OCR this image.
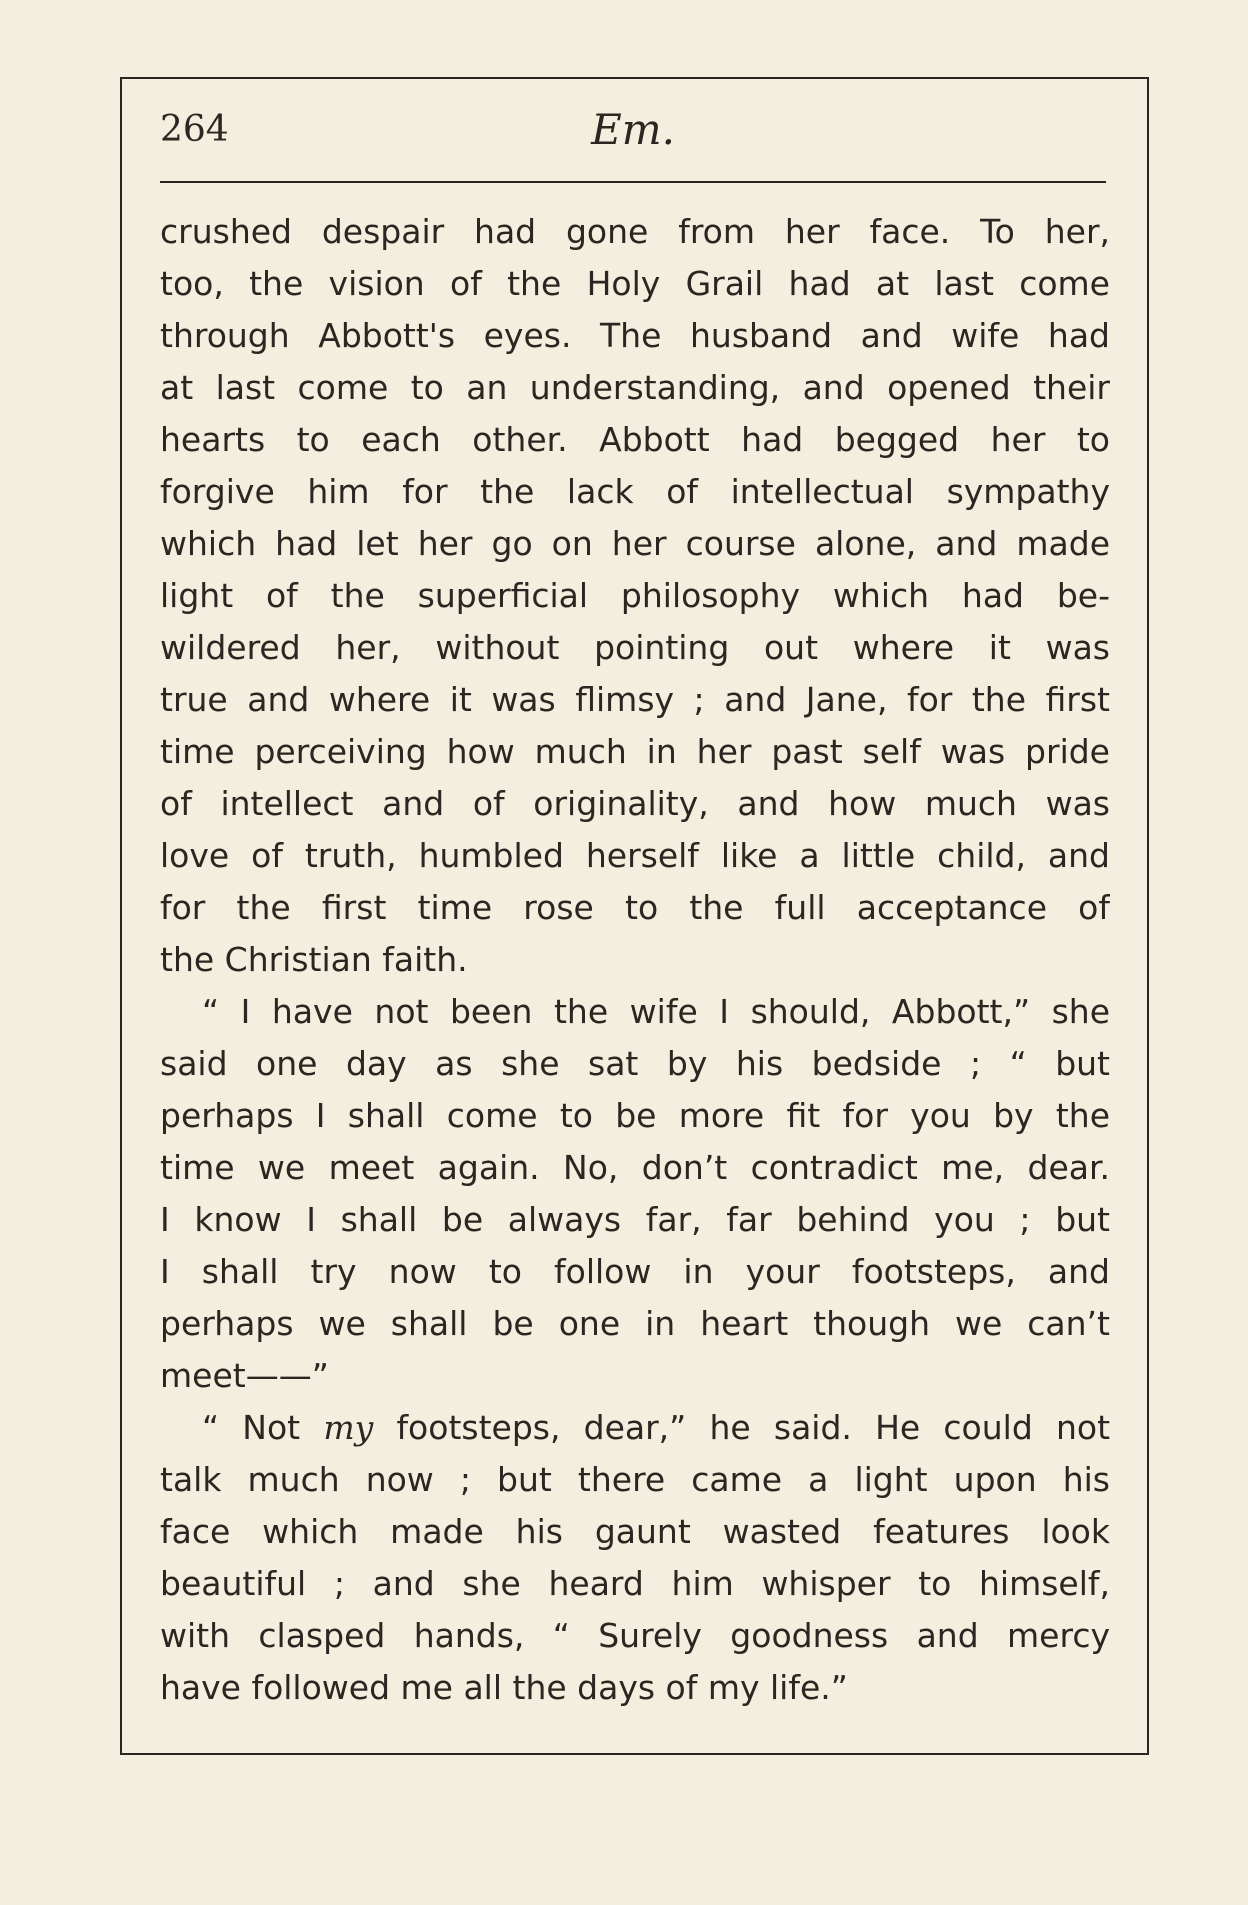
264	Em.
crushed despair had gone from her face. To her,
too, the vision of the Holy Grail had at last come
through Abbott's eyes. The husband and wife had
at last come to an understanding, and opened their
hearts to each other. Abbott had begged her to
forgive him for the lack of intellectual sympathy
which had let her go on her course alone, and made
light of the superficial philosophy which had be-
wildered her, without pointing out where it was
true and where it was flimsy ; and Jane, for the first
time perceiving how much in her past self was pride
of intellect and of originality, and how much was
love of truth, humbled herself like a little child, and
for the first time rose to the full acceptance of
the Christian faith.
“ I have not been the wife I should, Abbott,” she
said one day as she sat by his bedside ; “ but
perhaps I shall come to be more fit for you by the
time we meet again. No, don’t contradict me, dear.
I know I shall be always far, far behind you ; but
I shall try now to follow in your footsteps, and
perhaps we shall be one in heart though we can’t
meet——”
“ Not my footsteps, dear,” he said. He could not
talk much now ; but there came a light upon his
face which made his gaunt wasted features look
beautiful ; and she heard him whisper to himself,
with clasped hands, “ Surely goodness and mercy
have followed me all the days of my life.”
